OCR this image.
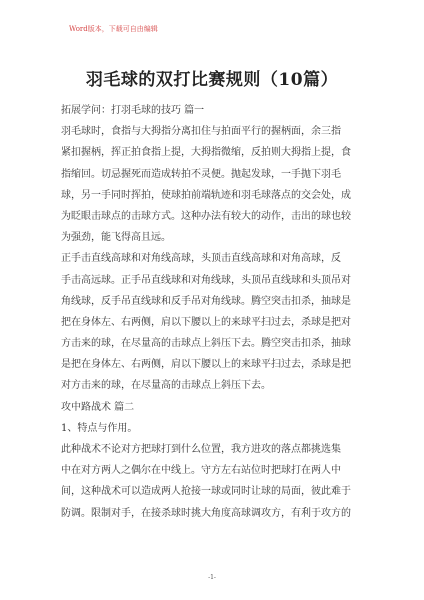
Word版本，下载可自由编辑
羽毛球的双打比赛规则（10篇）
拓展学问：打羽毛球的技巧 篇一
羽毛球时，食指与大拇指分离扣住与拍面平行的握柄面，余三指
紧扣握柄，挥正拍食指上提，大拇指微缩，反拍则大拇指上提，食
指缩回。切忌握死而造成转拍不灵便。抛起发球，一手抛下羽毛
球，另一手同时挥拍，使球拍前端轨迹和羽毛球落点的交会处，成
为眨眼击球点的击球方式。这种办法有较大的动作，击出的球也较
为强劲，能飞得高且远。
正手击直线高球和对角线高球，头顶击直线高球和对角高球，反
手击高远球。正手吊直线球和对角线球，头顶吊直线球和头顶吊对
角线球，反手吊直线球和反手吊对角线球。腾空突击扣杀，抽球是
把在身体左、右两侧，肩以下腰以上的来球平扫过去，杀球是把对
方击来的球，在尽量高的击球点上斜压下去。腾空突击扣杀，抽球
是把在身体左、右两侧，肩以下腰以上的来球平扫过去，杀球是把
对方击来的球，在尽量高的击球点上斜压下去。
攻中路战术 篇二
1、特点与作用。
此种战术不论对方把球打到什么位置，我方进攻的落点都挑选集
中在对方两人之偶尔在中线上。守方左右站位时把球打在两人中
间，这种战术可以造成两人抢接一球或同时让球的局面，彼此难于
防调。限制对手，在接杀球时挑大角度高球调攻方，有利于攻方的
-1-
